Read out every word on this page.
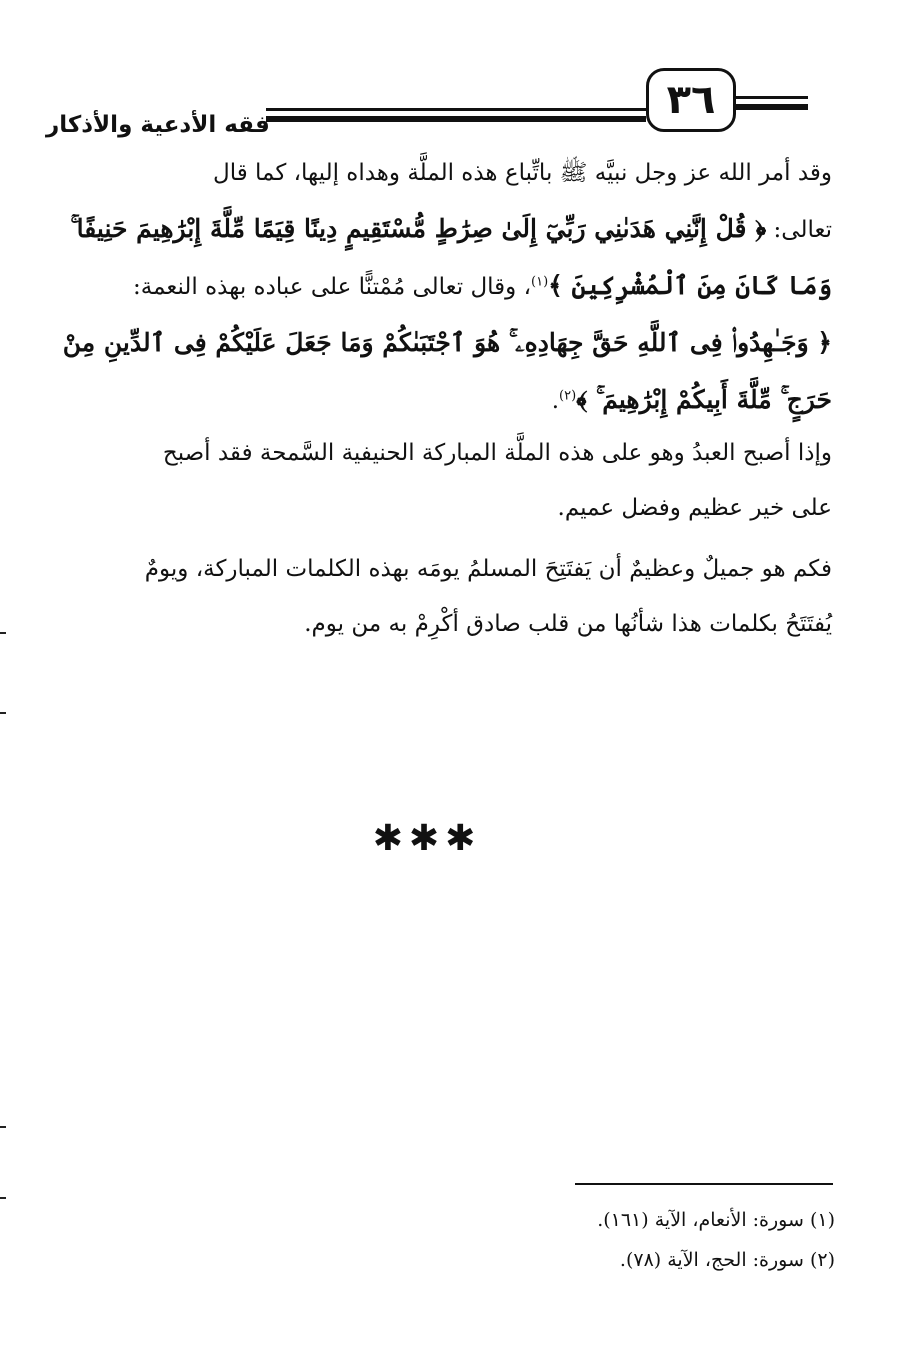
فقه الأدعية والأذكار
٣٦
وقد أمر الله عز وجل نبيَّه ﷺ باتِّباع هذه الملَّة وهداه إليها، كما قال
تعالى: ﴿ قُلْ إِنَّنِي هَدَىٰنِي رَبِّيٓ إِلَىٰ صِرَٰطٍ مُّسْتَقِيمٍ دِينًا قِيَمًا مِّلَّةَ إِبْرَٰهِيمَ حَنِيفًا ۚ
وَمَا كَانَ مِنَ ٱلْمُشْرِكِينَ ﴾$^{(١)}$، وقال تعالى مُمْتنًّا على عباده بهذه النعمة:
﴿ وَجَـٰهِدُوا۟ فِى ٱللَّهِ حَقَّ جِهَادِهِۦ ۚ هُوَ ٱجْتَبَىٰكُمْ وَمَا جَعَلَ عَلَيْكُمْ فِى ٱلدِّينِ مِنْ
حَرَجٍ ۚ مِّلَّةَ أَبِيكُمْ إِبْرَٰهِيمَ ۚ ﴾$^{(٢)}$.
وإذا أصبح العبدُ وهو على هذه الملَّة المباركة الحنيفية السَّمحة فقد أصبح
على خير عظيم وفضل عميم.
فكم هو جميلٌ وعظيمٌ أن يَفتَتِحَ المسلمُ يومَه بهذه الكلمات المباركة، ويومٌ
يُفتَتَحُ بكلمات هذا شأنُها من قلب صادق أكْرِمْ به من يوم.
✱✱✱
(١) سورة: الأنعام، الآية (١٦١).
(٢) سورة: الحج، الآية (٧٨).
